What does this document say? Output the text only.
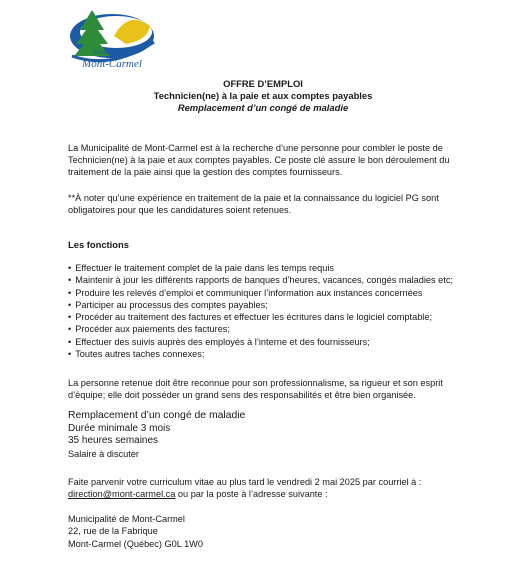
Municipalité de
Mont-Carmel
OFFRE D’EMPLOI
Technicien(ne) à la paie et aux comptes payables
Remplacement d’un congé de maladie
La Municipalité de Mont-Carmel est à la recherche d’une personne pour combler le poste de Technicien(ne) à la paie et aux comptes payables. Ce poste clé assure le bon déroulement du traitement de la paie ainsi que la gestion des comptes fournisseurs.
**À noter qu’une expérience en traitement de la paie et la connaissance du logiciel PG sont obligatoires pour que les candidatures soient retenues.
Les fonctions
• Effectuer le traitement complet de la paie dans les temps requis
• Maintenir à jour les différents rapports de banques d’heures, vacances, congés maladies etc;
• Produire les relevés d’emploi et communiquer l’information aux instances concernées
• Participer au processus des comptes payables;
• Procéder au traitement des factures et effectuer les écritures dans le logiciel comptable;
• Procéder aux paiements des factures;
• Effectuer des suivis auprès des employés à l’interne et des fournisseurs;
• Toutes autres taches connexes;
La personne retenue doit être reconnue pour son professionnalisme, sa rigueur et son esprit d’équipe; elle doit posséder un grand sens des responsabilités et être bien organisée.
Remplacement d’un congé de maladie
Durée minimale 3 mois
35 heures semaines
Salaire à discuter
Faite parvenir votre curriculum vitae au plus tard le vendredi 2 mai 2025 par courriel à :
direction@mont-carmel.ca ou par la poste à l’adresse suivante :
Municipalité de Mont-Carmel
22, rue de la Fabrique
Mont-Carmel (Québec) G0L 1W0
